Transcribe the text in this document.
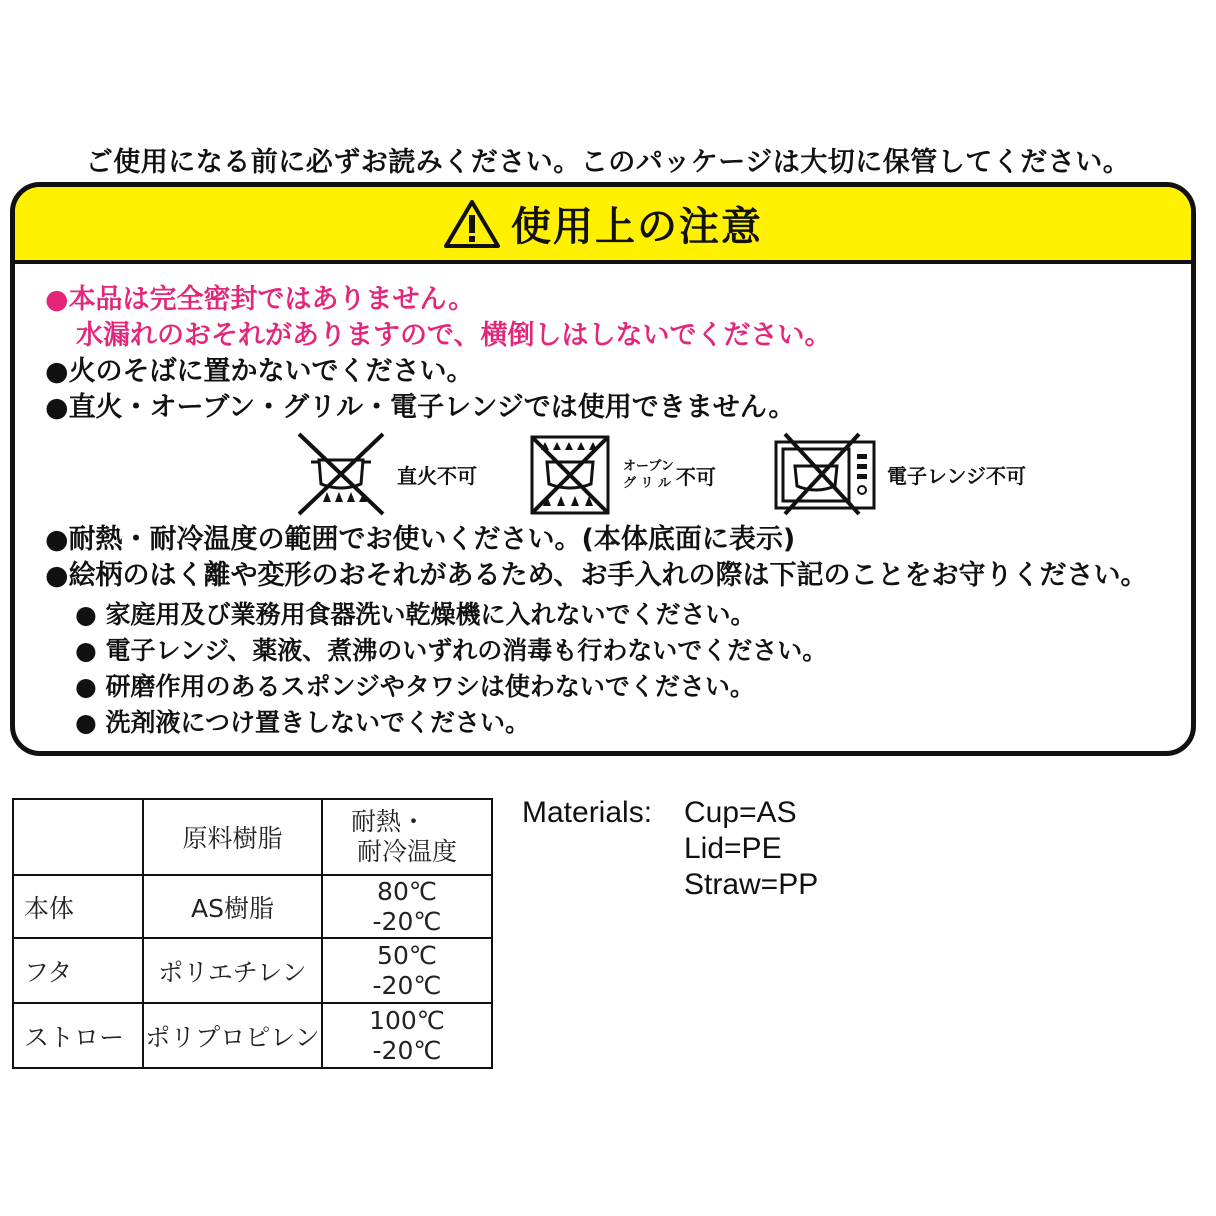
ご使用になる前に必ずお読みください。このパッケージは大切に保管してください。
使用上の注意
●本品は完全密封ではありません。
水漏れのおそれがありますので、横倒しはしないでください。
●火のそばに置かないでください。
●直火・オーブン・グリル・電子レンジでは使用できません。
直火不可	オーブン
グ リ ル 不可	電子レンジ不可
●耐熱・耐冷温度の範囲でお使いください。(本体底面に表示)
●絵柄のはく離や変形のおそれがあるため、お手入れの際は下記のことをお守りください。
● 家庭用及び業務用食器洗い乾燥機に入れないでください。
● 電子レンジ、薬液、煮沸のいずれの消毒も行わないでください。
● 研磨作用のあるスポンジやタワシは使わないでください。
● 洗剤液につけ置きしないでください。
	原料樹脂	耐熱・
耐冷温度

本体	AS樹脂	80℃
-20℃

フタ	ポリエチレン	50℃
-20℃

ストロー	ポリプロピレン	100℃
-20℃
Materials: Cup=AS
Lid=PE
Straw=PP
